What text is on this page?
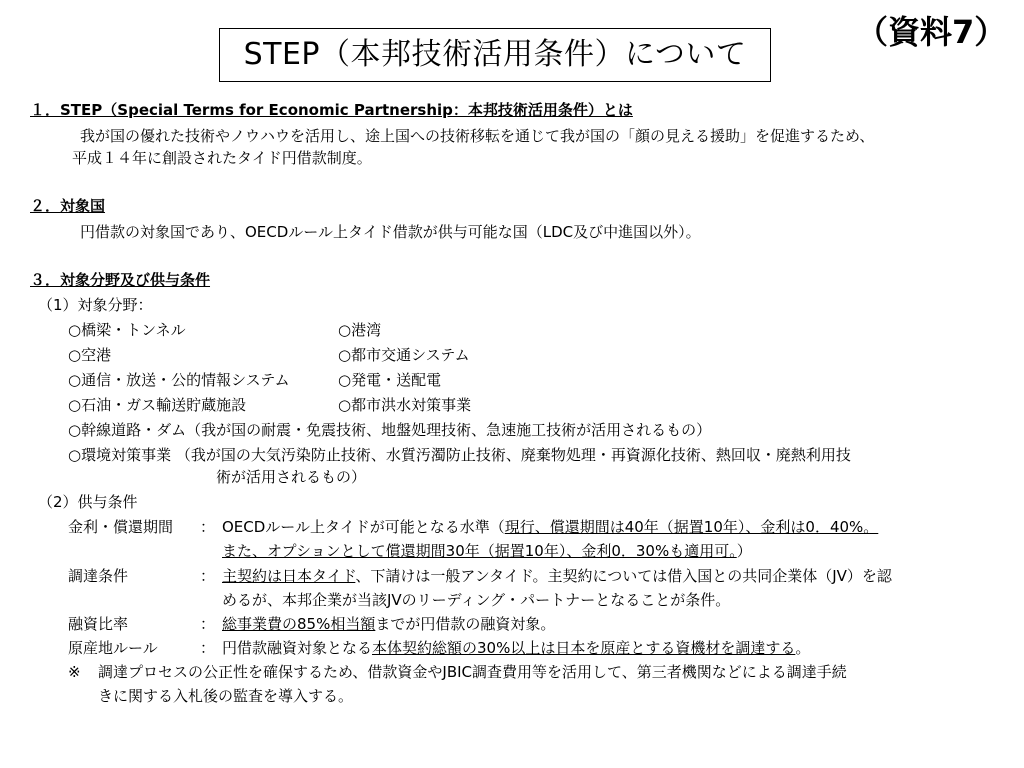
STEP（本邦技術活用条件）について
（資料7）
１．STEP（Special Terms for Economic Partnership：本邦技術活用条件）とは
我が国の優れた技術やノウハウを活用し、途上国への技術移転を通じて我が国の「顔の見える援助」を促進するため、
平成１４年に創設されたタイド円借款制度。
２．対象国
円借款の対象国であり、OECDルール上タイド借款が供与可能な国（LDC及び中進国以外）。
３．対象分野及び供与条件
（1）対象分野：
○橋梁・トンネル	○港湾
○空港	○都市交通システム
○通信・放送・公的情報システム	○発電・送配電
○石油・ガス輸送貯蔵施設	○都市洪水対策事業
○幹線道路・ダム（我が国の耐震・免震技術、地盤処理技術、急速施工技術が活用されるもの）
○環境対策事業 （我が国の大気汚染防止技術、水質汚濁防止技術、廃棄物処理・再資源化技術、熱回収・廃熱利用技
術が活用されるもの）
（2）供与条件
金利・償還期間 ： OECDルール上タイドが可能となる水準（現行、償還期間は40年（据置10年）、金利は0．40%。
また、オプションとして償還期間30年（据置10年）、金利0．30%も適用可。）
調達条件	： 主契約は日本タイド、下請けは一般アンタイド。主契約については借入国との共同企業体（JV）を認
めるが、本邦企業が当該JVのリーディング・パートナーとなることが条件。
融資比率	： 総事業費の85%相当額までが円借款の融資対象。
原産地ルール	： 円借款融資対象となる本体契約総額の30%以上は日本を原産とする資機材を調達する。
※ 調達プロセスの公正性を確保するため、借款資金やJBIC調査費用等を活用して、第三者機関などによる調達手続
きに関する入札後の監査を導入する。
